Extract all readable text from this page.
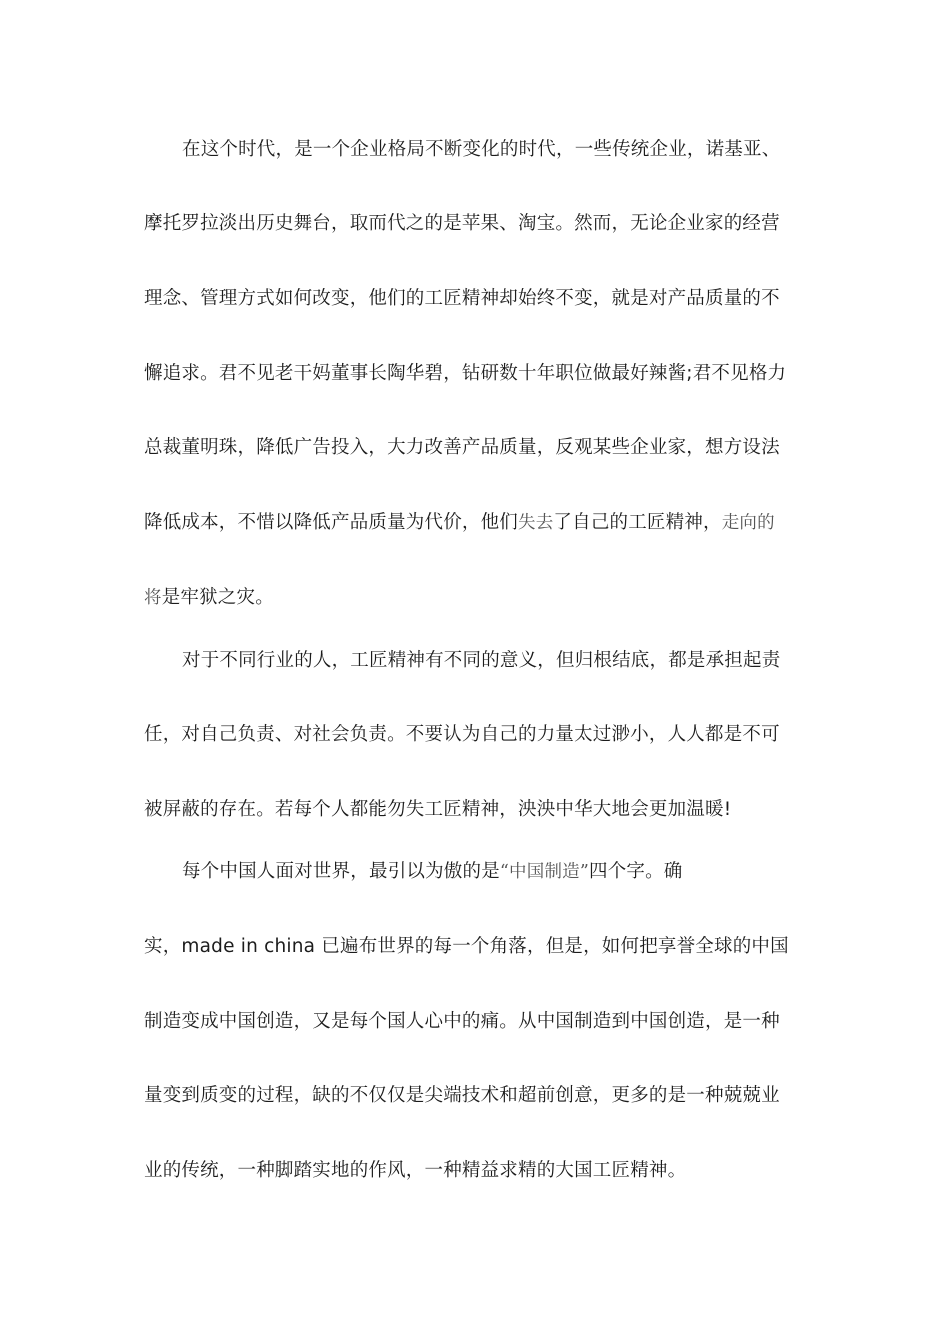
在这个时代，是一个企业格局不断变化的时代，一些传统企业，诺基亚、
摩托罗拉淡出历史舞台，取而代之的是苹果、淘宝。然而，无论企业家的经营
理念、管理方式如何改变，他们的工匠精神却始终不变，就是对产品质量的不
懈追求。君不见老干妈董事长陶华碧，钻研数十年职位做最好辣酱;君不见格力
总裁董明珠，降低广告投入，大力改善产品质量，反观某些企业家，想方设法
降低成本，不惜以降低产品质量为代价，他们失去了自己的工匠精神，走向的
将是牢狱之灾。
对于不同行业的人，工匠精神有不同的意义，但归根结底，都是承担起责
任，对自己负责、对社会负责。不要认为自己的力量太过渺小，人人都是不可
被屏蔽的存在。若每个人都能勿失工匠精神，泱泱中华大地会更加温暖!
每个中国人面对世界，最引以为傲的是“中国制造”四个字。确
实，made in china 已遍布世界的每一个角落，但是，如何把享誉全球的中国
制造变成中国创造，又是每个国人心中的痛。从中国制造到中国创造，是一种
量变到质变的过程，缺的不仅仅是尖端技术和超前创意，更多的是一种兢兢业
业的传统，一种脚踏实地的作风，一种精益求精的大国工匠精神。
